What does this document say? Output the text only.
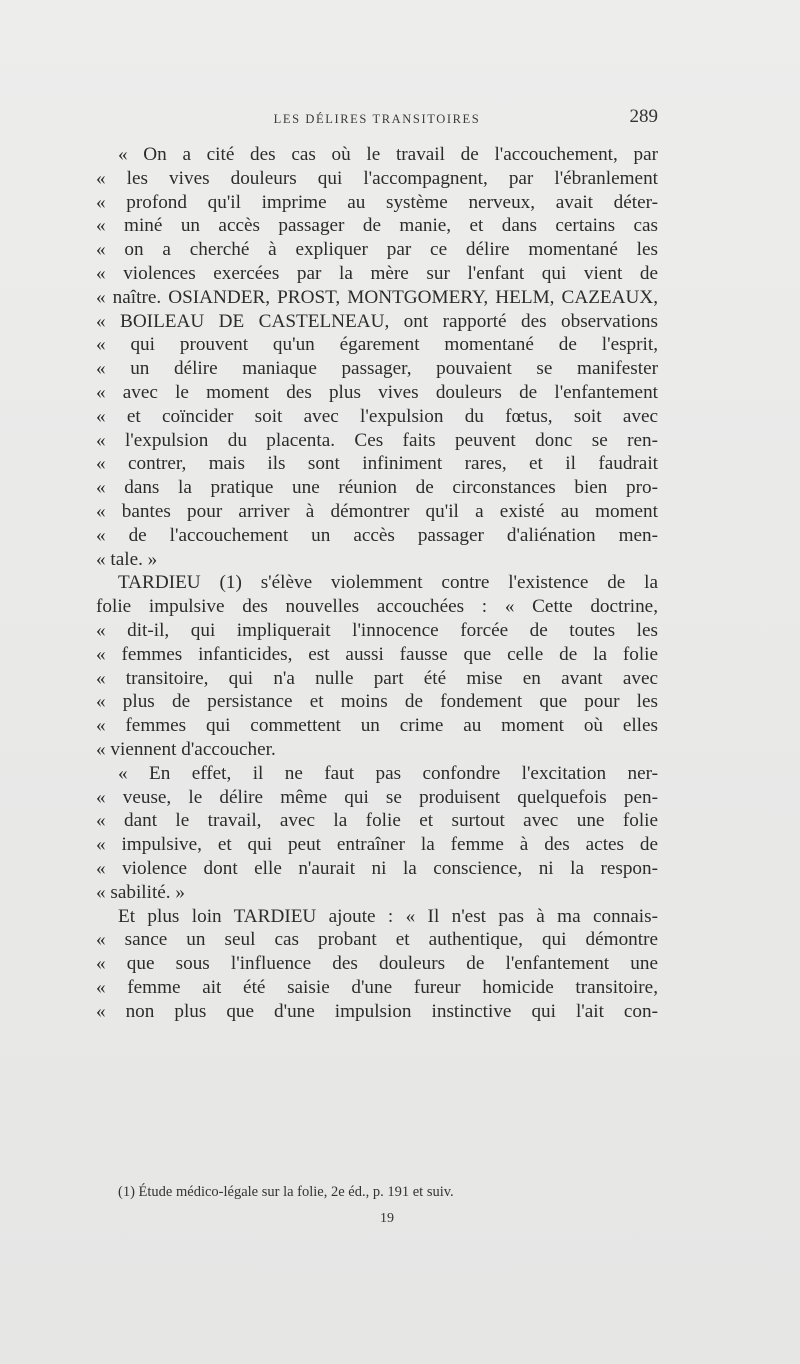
LES DÉLIRES TRANSITOIRES	289
« On a cité des cas où le travail de l'accouchement, par
« les vives douleurs qui l'accompagnent, par l'ébranlement
« profond qu'il imprime au système nerveux, avait déter-
« miné un accès passager de manie, et dans certains cas
« on a cherché à expliquer par ce délire momentané les
« violences exercées par la mère sur l'enfant qui vient de
« naître. OSIANDER, PROST, MONTGOMERY, HELM, CAZEAUX,
« BOILEAU DE CASTELNEAU, ont rapporté des observations
« qui prouvent qu'un égarement momentané de l'esprit,
« un délire maniaque passager, pouvaient se manifester
« avec le moment des plus vives douleurs de l'enfantement
« et coïncider soit avec l'expulsion du fœtus, soit avec
« l'expulsion du placenta. Ces faits peuvent donc se ren-
« contrer, mais ils sont infiniment rares, et il faudrait
« dans la pratique une réunion de circonstances bien pro-
« bantes pour arriver à démontrer qu'il a existé au moment
« de l'accouchement un accès passager d'aliénation men-
« tale. »
TARDIEU (1) s'élève violemment contre l'existence de la
folie impulsive des nouvelles accouchées : « Cette doctrine,
« dit-il, qui impliquerait l'innocence forcée de toutes les
« femmes infanticides, est aussi fausse que celle de la folie
« transitoire, qui n'a nulle part été mise en avant avec
« plus de persistance et moins de fondement que pour les
« femmes qui commettent un crime au moment où elles
« viennent d'accoucher.
« En effet, il ne faut pas confondre l'excitation ner-
« veuse, le délire même qui se produisent quelquefois pen-
« dant le travail, avec la folie et surtout avec une folie
« impulsive, et qui peut entraîner la femme à des actes de
« violence dont elle n'aurait ni la conscience, ni la respon-
« sabilité. »
Et plus loin TARDIEU ajoute : « Il n'est pas à ma connais-
« sance un seul cas probant et authentique, qui démontre
« que sous l'influence des douleurs de l'enfantement une
« femme ait été saisie d'une fureur homicide transitoire,
« non plus que d'une impulsion instinctive qui l'ait con-
(1) Étude médico-légale sur la folie, 2e éd., p. 191 et suiv.
19
